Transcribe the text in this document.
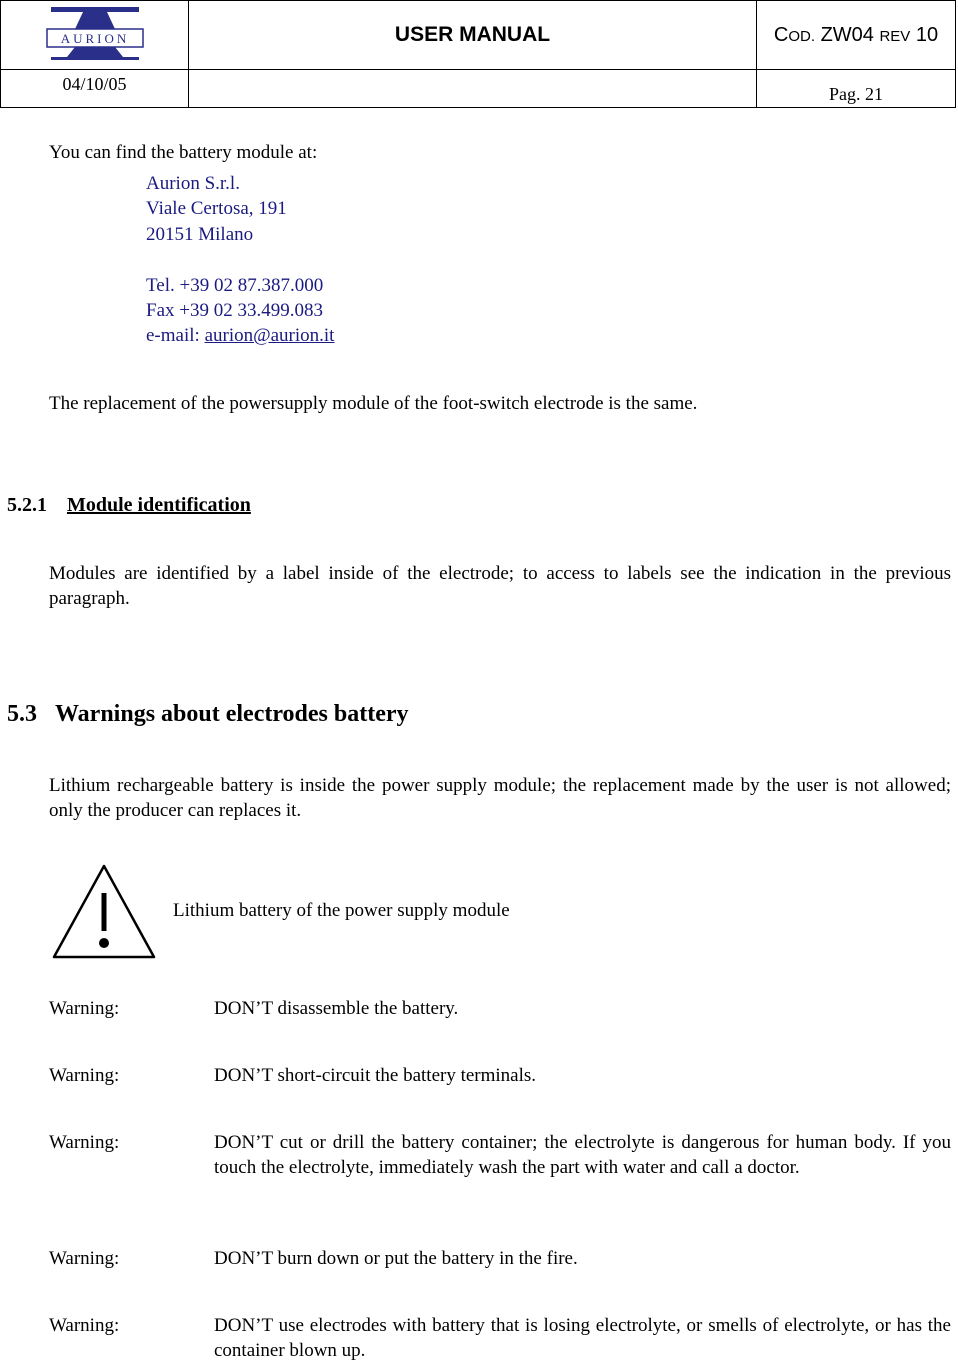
AURION	USER MANUAL	COD. ZW04 REV 10
04/10/05		Pag. 21
You can find the battery module at:
Aurion S.r.l.
Viale Certosa, 191
20151 Milano
Tel. +39 02 87.387.000
Fax +39 02 33.499.083
e-mail: aurion@aurion.it
The replacement of the powersupply module of the foot-switch electrode is the same.
5.2.1 Module identification
Modules are identified by a label inside of the electrode; to access to labels see the indication in the previous paragraph.
5.3 Warnings about electrodes battery
Lithium rechargeable battery is inside the power supply module; the replacement made by the user is not allowed; only the producer can replaces it.
Lithium battery of the power supply module
Warning:	DON’T disassemble the battery.
Warning:	DON’T short-circuit the battery terminals.
Warning:	DON’T cut or drill the battery container; the electrolyte is dangerous for human body. If you touch the electrolyte, immediately wash the part with water and call a doctor.
Warning:	DON’T burn down or put the battery in the fire.
Warning:	DON’T use electrodes with battery that is losing electrolyte, or smells of electrolyte, or has the container blown up.
